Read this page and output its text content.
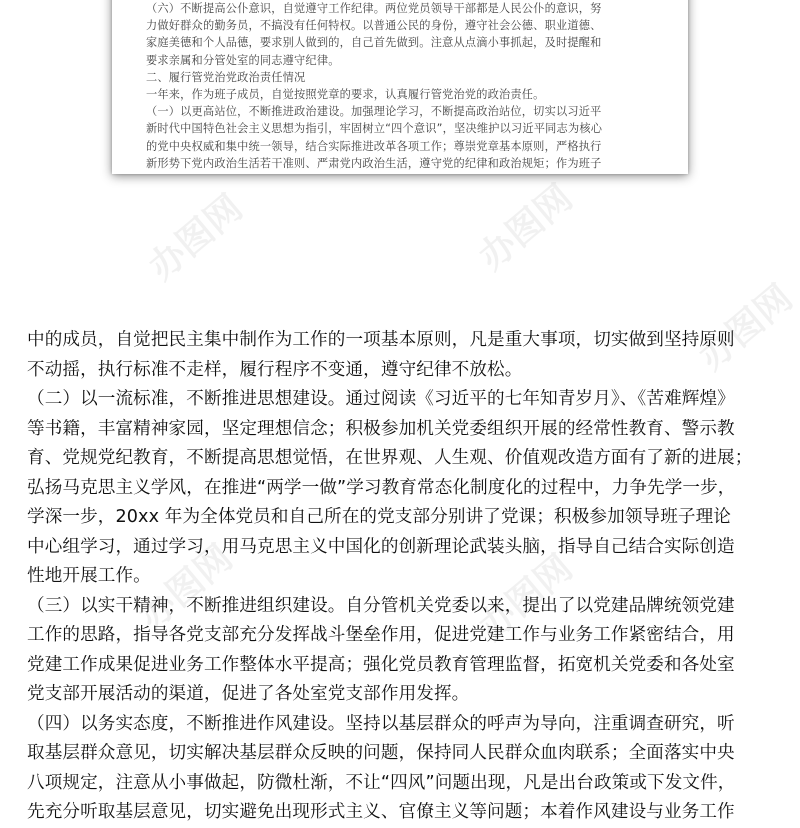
办图网	办图网
办图网
办图网	办图网
（六）不断提高公仆意识，自觉遵守工作纪律。两位党员领导干部都是人民公仆的意识，努
力做好群众的勤务员，不搞没有任何特权。以普通公民的身份，遵守社会公德、职业道德、
家庭美德和个人品德，要求别人做到的，自己首先做到。注意从点滴小事抓起，及时提醒和
要求亲属和分管处室的同志遵守纪律。
二、履行管党治党政治责任情况
一年来，作为班子成员，自觉按照党章的要求，认真履行管党治党的政治责任。
（一）以更高站位，不断推进政治建设。加强理论学习，不断提高政治站位，切实以习近平
新时代中国特色社会主义思想为指引，牢固树立“四个意识”，坚决维护以习近平同志为核心
的党中央权威和集中统一领导，结合实际推进改革各项工作；尊崇党章基本原则，严格执行
新形势下党内政治生活若干准则、严肃党内政治生活，遵守党的纪律和政治规矩；作为班子
中的成员，自觉把民主集中制作为工作的一项基本原则，凡是重大事项，切实做到坚持原则
不动摇，执行标准不走样，履行程序不变通，遵守纪律不放松。
（二）以一流标准，不断推进思想建设。通过阅读《习近平的七年知青岁月》、《苦难辉煌》
等书籍，丰富精神家园，坚定理想信念；积极参加机关党委组织开展的经常性教育、警示教
育、党规党纪教育，不断提高思想觉悟，在世界观、人生观、价值观改造方面有了新的进展；
弘扬马克思主义学风，在推进“两学一做”学习教育常态化制度化的过程中，力争先学一步，
学深一步，20xx 年为全体党员和自己所在的党支部分别讲了党课；积极参加领导班子理论
中心组学习，通过学习，用马克思主义中国化的创新理论武装头脑，指导自己结合实际创造
性地开展工作。
（三）以实干精神，不断推进组织建设。自分管机关党委以来，提出了以党建品牌统领党建
工作的思路，指导各党支部充分发挥战斗堡垒作用，促进党建工作与业务工作紧密结合，用
党建工作成果促进业务工作整体水平提高；强化党员教育管理监督，拓宽机关党委和各处室
党支部开展活动的渠道，促进了各处室党支部作用发挥。
（四）以务实态度，不断推进作风建设。坚持以基层群众的呼声为导向，注重调查研究，听
取基层群众意见，切实解决基层群众反映的问题，保持同人民群众血肉联系；全面落实中央
八项规定，注意从小事做起，防微杜渐，不让“四风”问题出现，凡是出台政策或下发文件，
先充分听取基层意见，切实避免出现形式主义、官僚主义等问题；本着作风建设与业务工作
